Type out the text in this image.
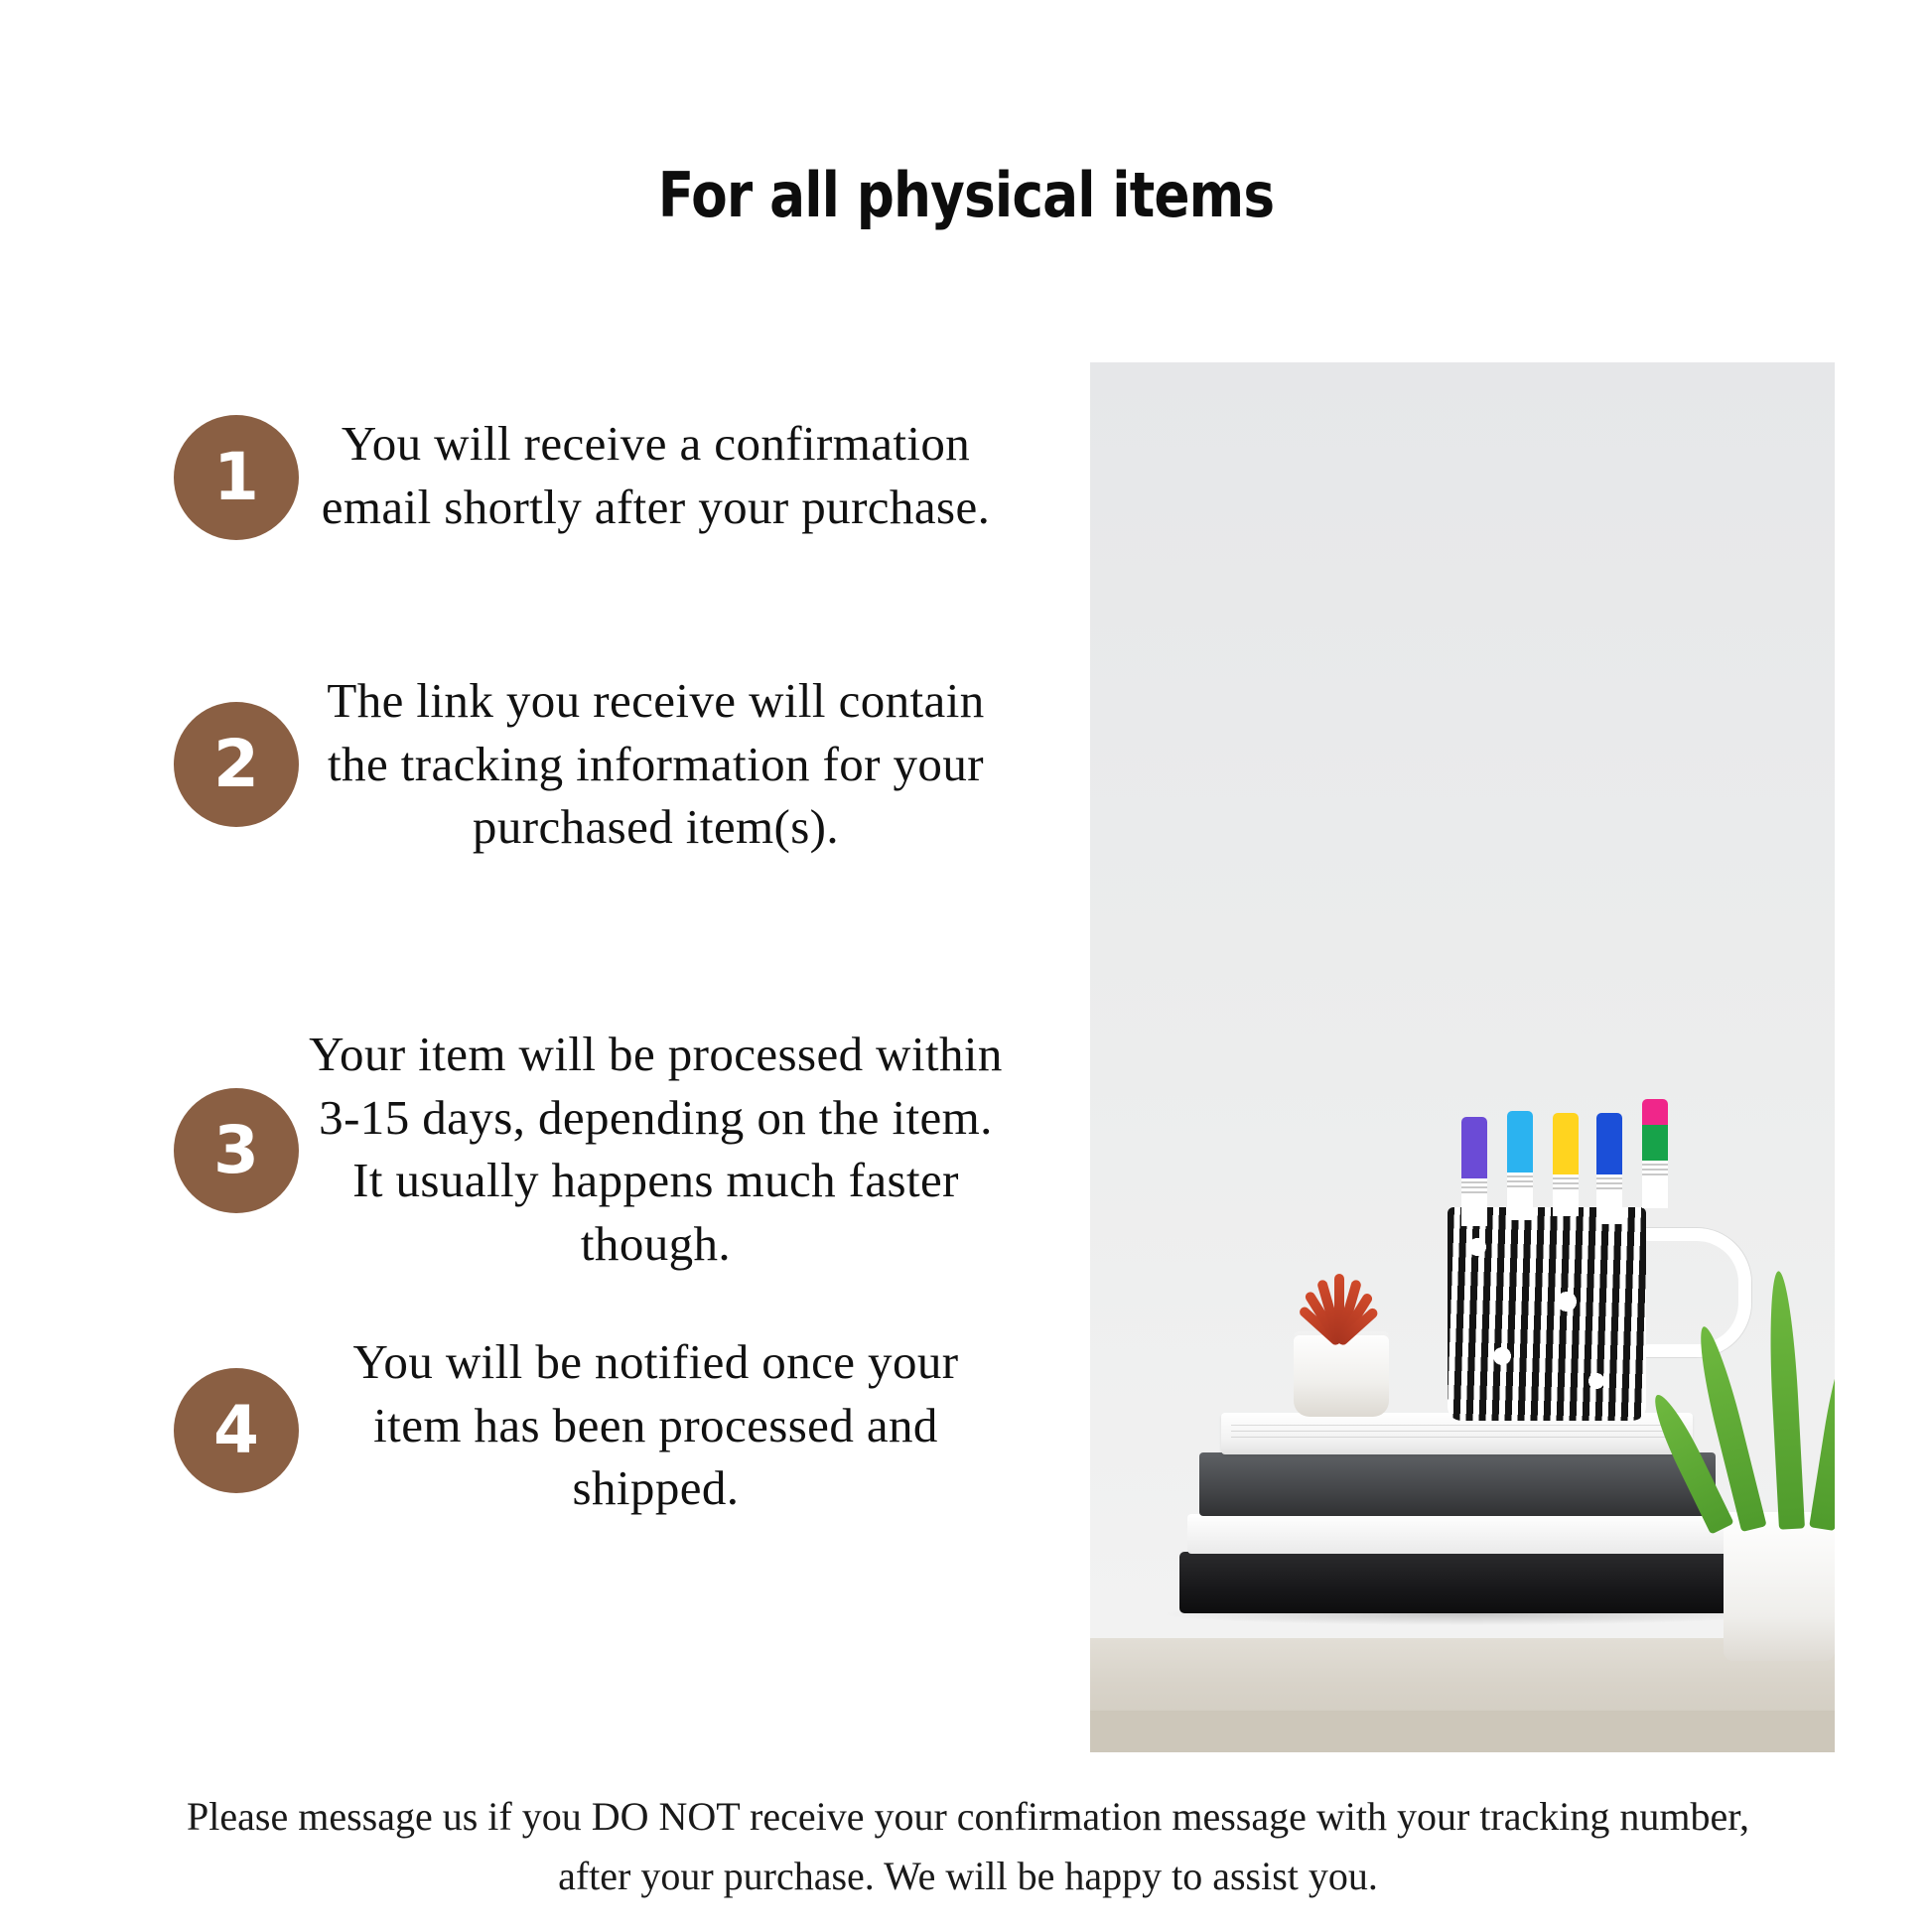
For all physical items
1	You will receive a confirmation email shortly after your purchase.
2
The link you receive will contain the tracking information for your purchased item(s).
3
Your item will be processed within 3-15 days, depending on the item. It usually happens much faster though.
4
You will be notified once your item has been processed and shipped.
Please message us if you DO NOT receive your confirmation message with your tracking number, after your purchase. We will be happy to assist you.
